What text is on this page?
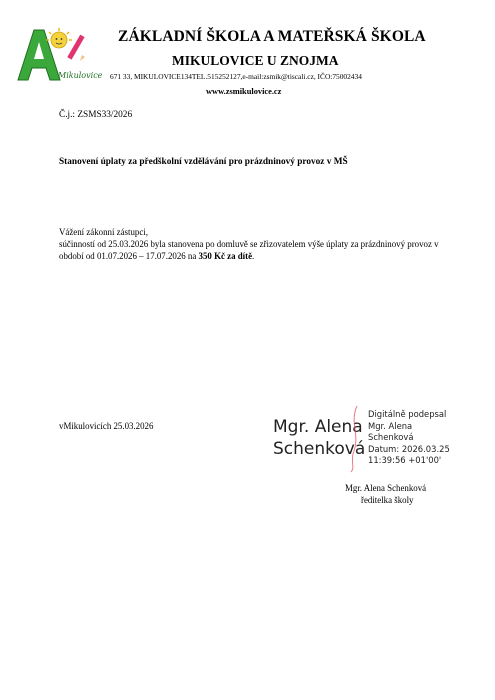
ZŠ a MŠ
Mikulovice
ZÁKLADNÍ ŠKOLA A MATEŘSKÁ ŠKOLA
MIKULOVICE U ZNOJMA
671 33, MIKULOVICE134TEL.515252127,e-mail:zsmik@tiscali.cz, IČO:75002434
www.zsmikulovice.cz
Č.j.: ZSMS33/2026
Stanovení úplaty za předškolní vzdělávání pro prázdninový provoz v MŠ

Vážení zákonní zástupci,

súčinností od 25.03.2026 byla stanovena po domluvě se zřizovatelem výše úplaty za prázdninový provoz v období od 01.07.2026 – 17.07.2026 na 350 Kč za dítě.

vMikulovicích 25.03.2026	Mgr. Alena
Schenková
Digitálně podepsal
Mgr. Alena
Schenková
Datum: 2026.03.25
11:39:56 +01'00'
Mgr. Alena Schenková
ředitelka školy
